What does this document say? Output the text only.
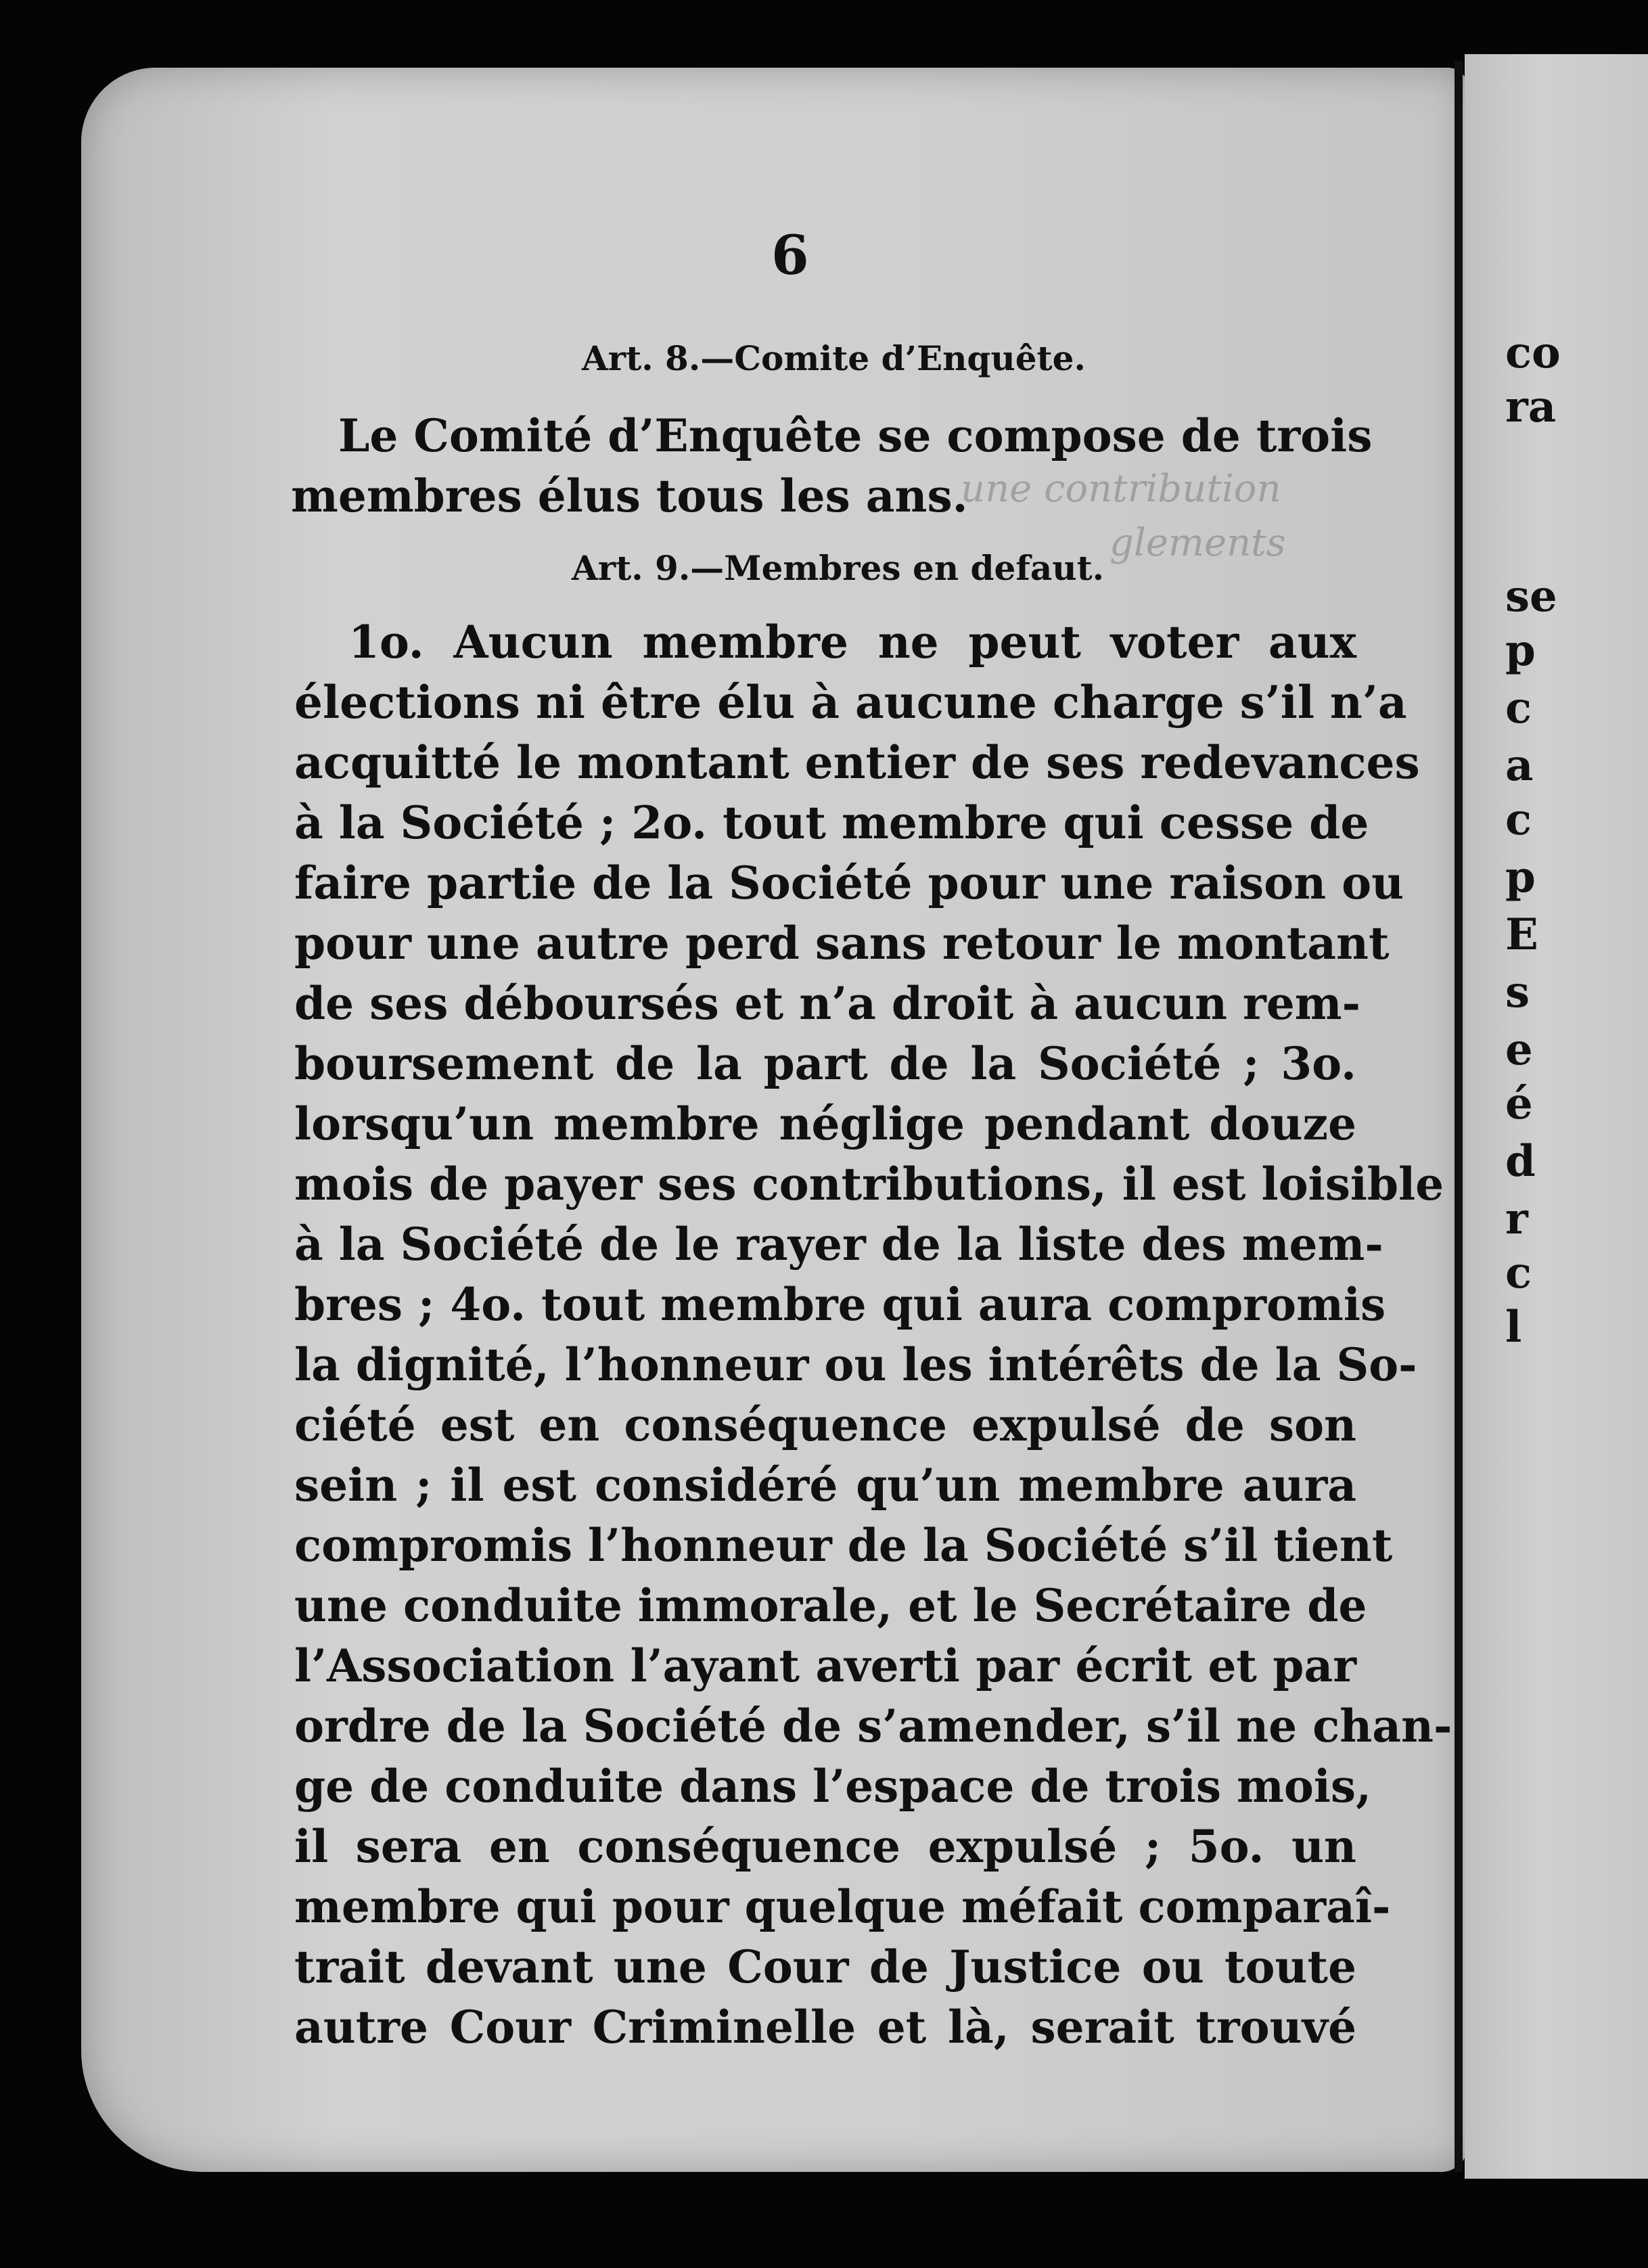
co
ra
se
p
c
a
c
p
E
s
e
é
d
r
c
l
une contribution
glements
6
Art. 8.—Comite d’Enquête.
Le Comité d’Enquête se compose de trois
membres élus tous les ans.
Art. 9.—Membres en defaut.
1o. Aucun membre ne peut voter aux
élections ni être élu à aucune charge s’il n’a
acquitté le montant entier de ses redevances
à la Société ; 2o. tout membre qui cesse de
faire partie de la Société pour une raison ou
pour une autre perd sans retour le montant
de ses déboursés et n’a droit à aucun rem-
boursement de la part de la Société ; 3o.
lorsqu’un membre néglige pendant douze
mois de payer ses contributions, il est loisible
à la Société de le rayer de la liste des mem-
bres ; 4o. tout membre qui aura compromis
la dignité, l’honneur ou les intérêts de la So-
ciété est en conséquence expulsé de son
sein ; il est considéré qu’un membre aura
compromis l’honneur de la Société s’il tient
une conduite immorale, et le Secrétaire de
l’Association l’ayant averti par écrit et par
ordre de la Société de s’amender, s’il ne chan-
ge de conduite dans l’espace de trois mois,
il sera en conséquence expulsé ; 5o. un
membre qui pour quelque méfait comparaî-
trait devant une Cour de Justice ou toute
autre Cour Criminelle et là, serait trouvé
